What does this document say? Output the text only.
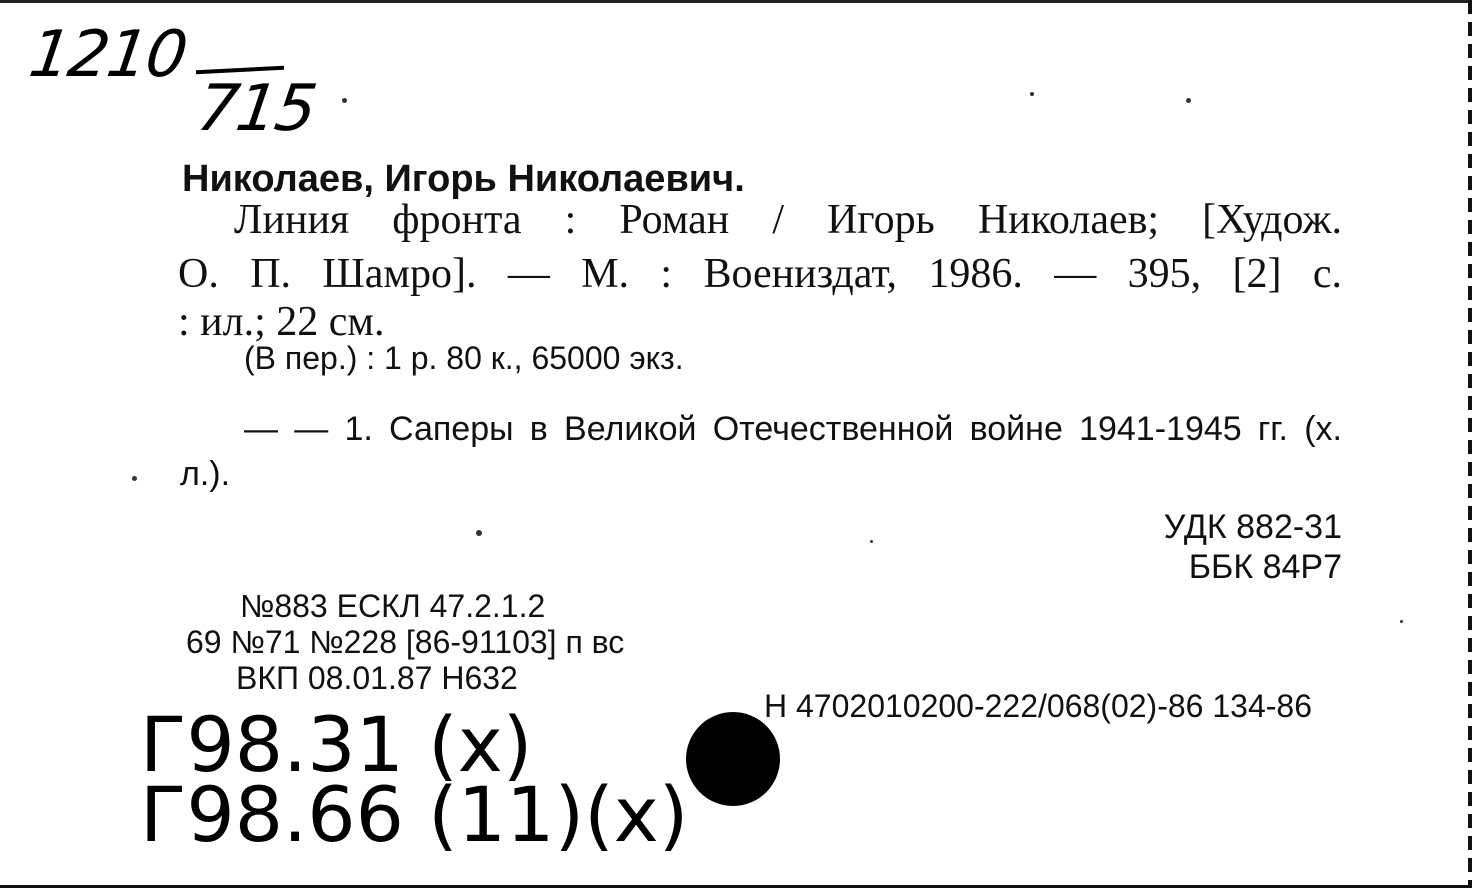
1210
715
Николаев, Игорь Николаевич.
Линия фронта : Роман / Игорь Николаев; [Худож.
О. П. Шамро]. — М. : Воениздат, 1986. — 395, [2] с.
: ил.; 22 см.
(В пер.) : 1 р. 80 к., 65000 экз.
— — 1. Саперы в Великой Отечественной войне 1941-1945 гг. (х.
л.).
УДК 882-31
ББК 84Р7
№883 ЕСКЛ 47.2.1.2
69 №71 №228 [86-91103] п вс
ВКП 08.01.87 Н632
Н 4702010200-222/068(02)-86 134-86
Г98.31 (х)
Г98.66 (11)(х)
